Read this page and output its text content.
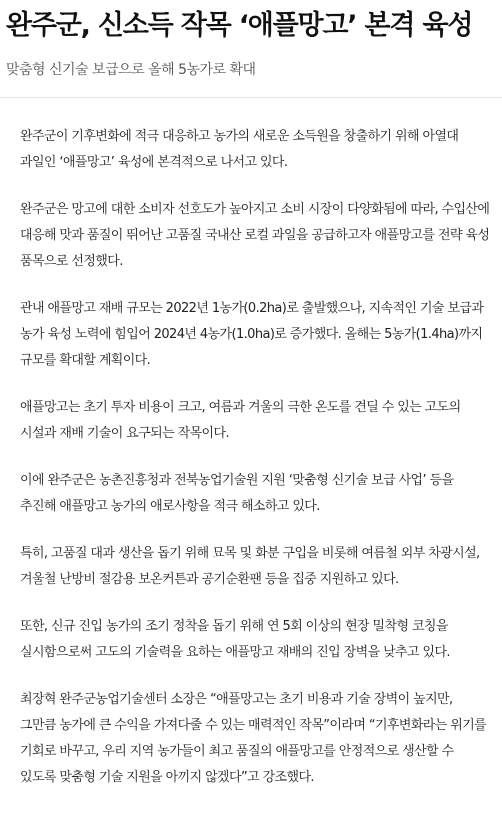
완주군, 신소득 작목 ‘애플망고’ 본격 육성

맞춤형 신기술 보급으로 올해 5농가로 확대

완주군이 기후변화에 적극 대응하고 농가의 새로운 소득원을 창출하기 위해 아열대 과일인 ‘애플망고’ 육성에 본격적으로 나서고 있다.

완주군은 망고에 대한 소비자 선호도가 높아지고 소비 시장이 다양화됨에 따라, 수입산에 대응해 맛과 품질이 뛰어난 고품질 국내산 로컬 과일을 공급하고자 애플망고를 전략 육성 품목으로 선정했다.

관내 애플망고 재배 규모는 2022년 1농가(0.2ha)로 출발했으나, 지속적인 기술 보급과 농가 육성 노력에 힘입어 2024년 4농가(1.0ha)로 증가했다. 올해는 5농가(1.4ha)까지 규모를 확대할 계획이다.

애플망고는 초기 투자 비용이 크고, 여름과 겨울의 극한 온도를 견딜 수 있는 고도의 시설과 재배 기술이 요구되는 작목이다.

이에 완주군은 농촌진흥청과 전북농업기술원 지원 ‘맞춤형 신기술 보급 사업’ 등을 추진해 애플망고 농가의 애로사항을 적극 해소하고 있다.

특히, 고품질 대과 생산을 돕기 위해 묘목 및 화분 구입을 비롯해 여름철 외부 차광시설, 겨울철 난방비 절감용 보온커튼과 공기순환팬 등을 집중 지원하고 있다.

또한, 신규 진입 농가의 조기 정착을 돕기 위해 연 5회 이상의 현장 밀착형 코칭을 실시함으로써 고도의 기술력을 요하는 애플망고 재배의 진입 장벽을 낮추고 있다.

최장혁 완주군농업기술센터 소장은 “애플망고는 초기 비용과 기술 장벽이 높지만, 그만큼 농가에 큰 수익을 가져다줄 수 있는 매력적인 작목”이라며 “기후변화라는 위기를 기회로 바꾸고, 우리 지역 농가들이 최고 품질의 애플망고를 안정적으로 생산할 수 있도록 맞춤형 기술 지원을 아끼지 않겠다”고 강조했다.
